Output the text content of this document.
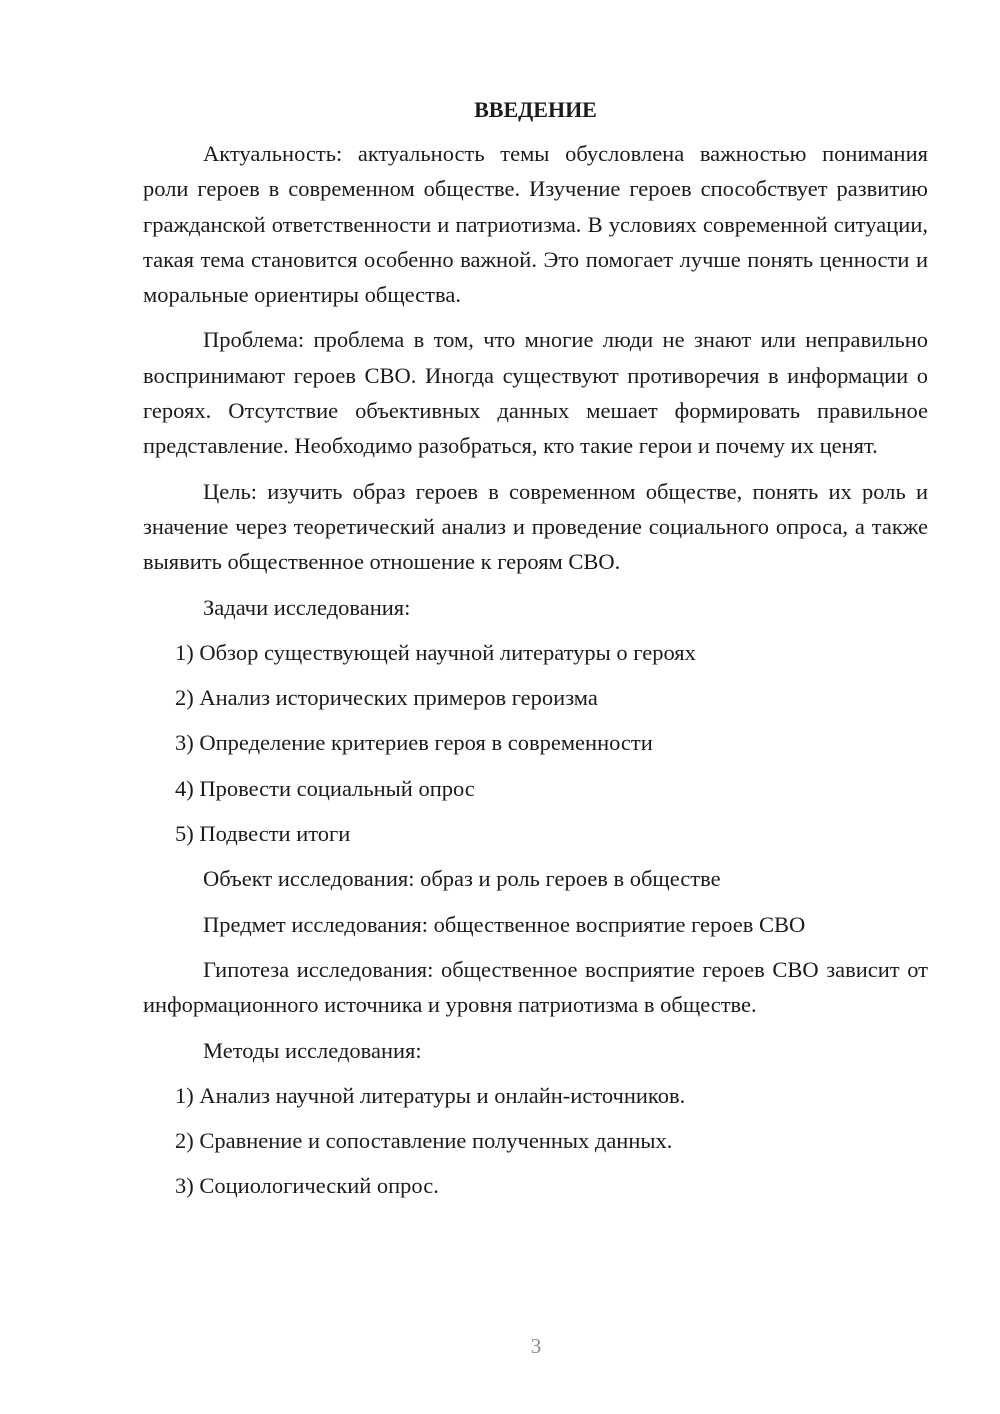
ВВЕДЕНИЕ

Актуальность: актуальность темы обусловлена важностью понимания роли героев в современном обществе. Изучение героев способствует развитию гражданской ответственности и патриотизма. В условиях современной ситуации, такая тема становится особенно важной. Это помогает лучше понять ценности и моральные ориентиры общества.

Проблема: проблема в том, что многие люди не знают или неправильно воспринимают героев СВО. Иногда существуют противоречия в информации о героях. Отсутствие объективных данных мешает формировать правильное представление. Необходимо разобраться, кто такие герои и почему их ценят.

Цель: изучить образ героев в современном обществе, понять их роль и значение через теоретический анализ и проведение социального опроса, а также выявить общественное отношение к героям СВО.

Задачи исследования:

1) Обзор существующей научной литературы о героях

2) Анализ исторических примеров героизма

3) Определение критериев героя в современности

4) Провести социальный опрос

5) Подвести итоги

Объект исследования: образ и роль героев в обществе

Предмет исследования: общественное восприятие героев СВО

Гипотеза исследования: общественное восприятие героев СВО зависит от информационного источника и уровня патриотизма в обществе.

Методы исследования:

1) Анализ научной литературы и онлайн-источников.

2) Сравнение и сопоставление полученных данных.

3) Социологический опрос.

3
